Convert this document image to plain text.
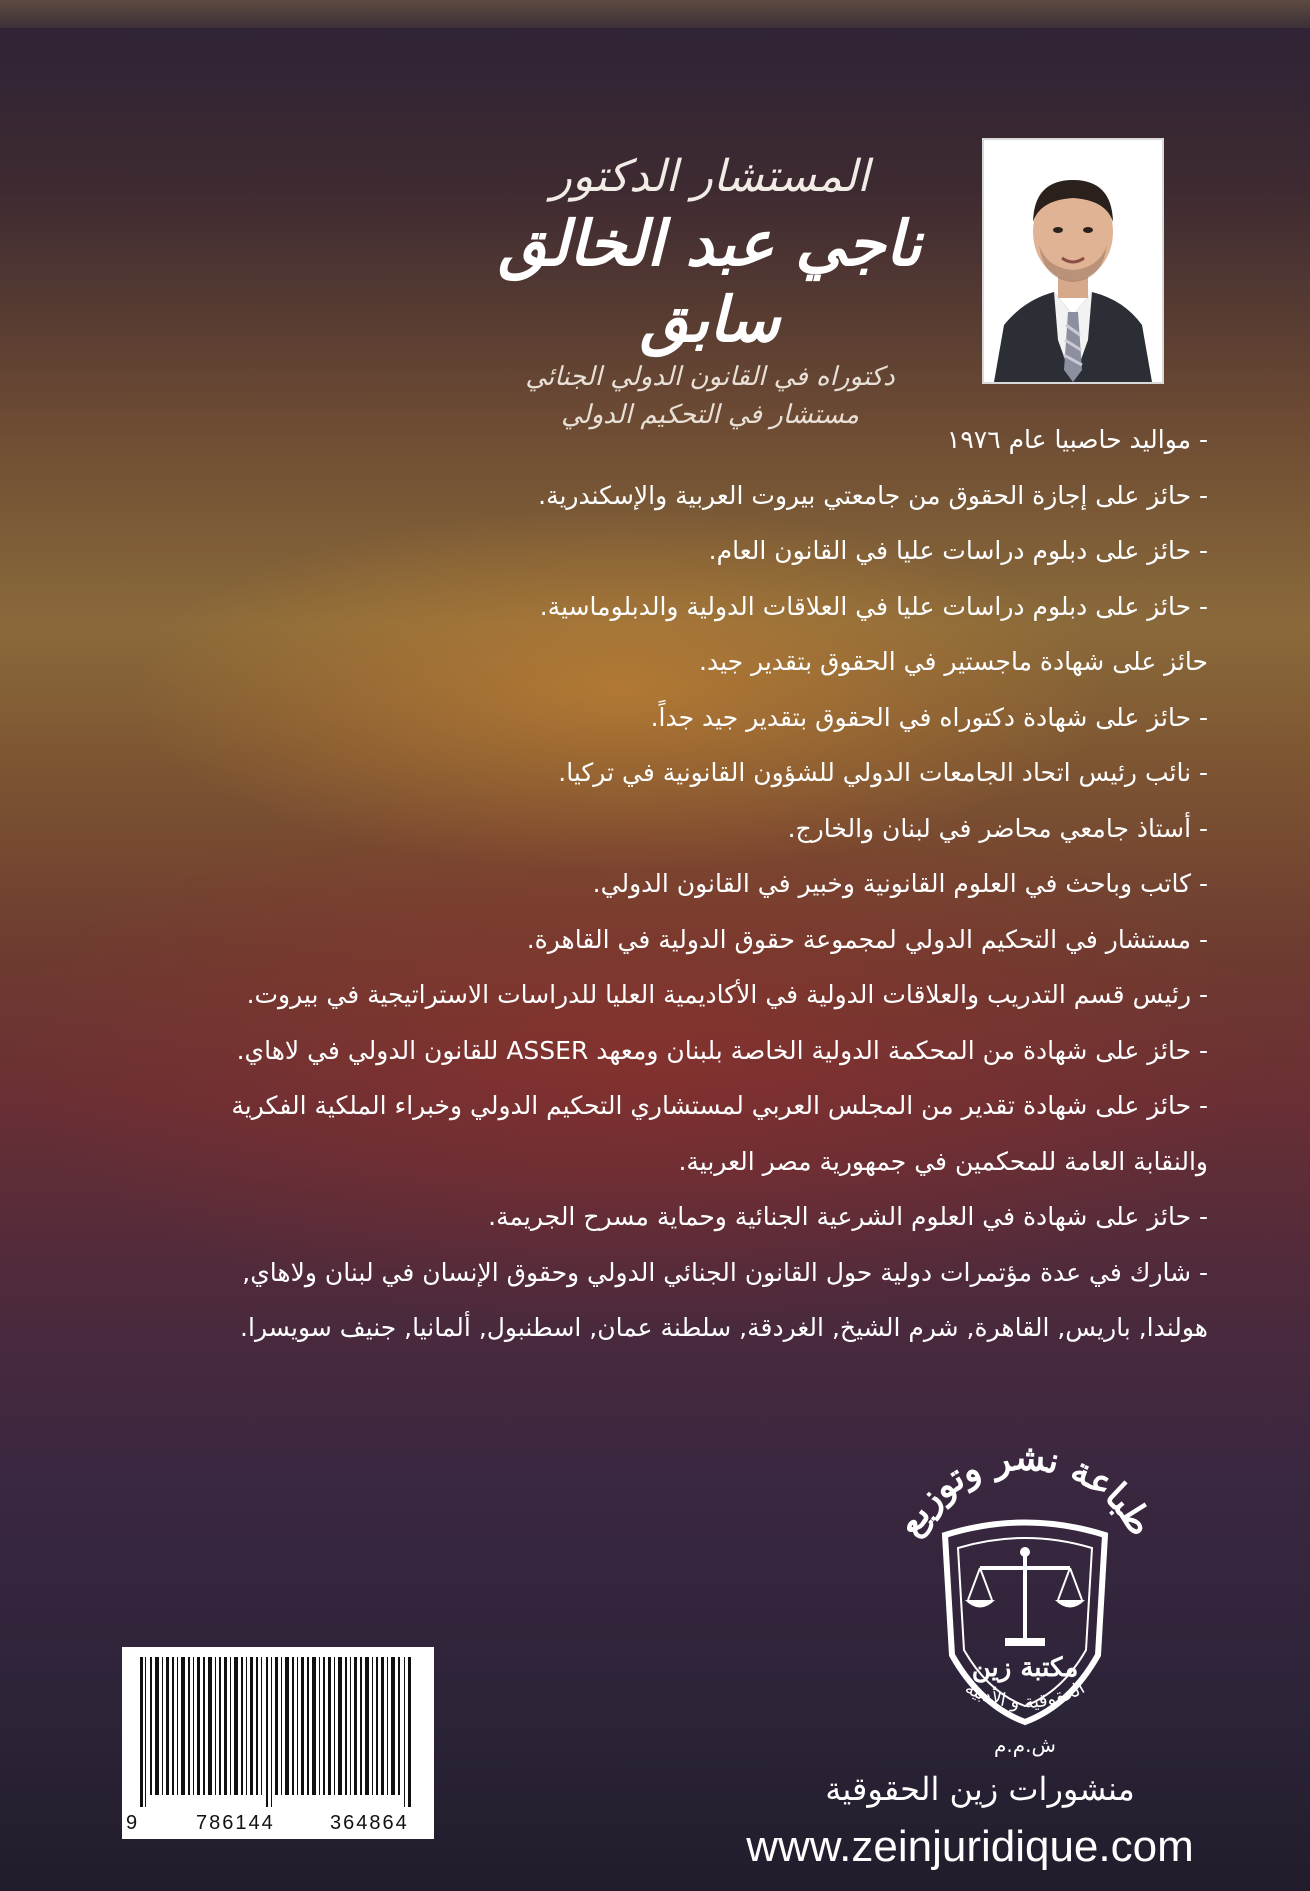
المستشار الدكتور
ناجي عبد الخالق سابق
دكتوراه في القانون الدولي الجنائي
مستشار في التحكيم الدولي
- مواليد حاصبيا عام ١٩٧٦
- حائز على إجازة الحقوق من جامعتي بيروت العربية والإسكندرية.
- حائز على دبلوم دراسات عليا في القانون العام.
- حائز على دبلوم دراسات عليا في العلاقات الدولية والدبلوماسية.
حائز على شهادة ماجستير في الحقوق بتقدير جيد.
- حائز على شهادة دكتوراه في الحقوق بتقدير جيد جداً.
- نائب رئيس اتحاد الجامعات الدولي للشؤون القانونية في تركيا.
- أستاذ جامعي محاضر في لبنان والخارج.
- كاتب وباحث في العلوم القانونية وخبير في القانون الدولي.
- مستشار في التحكيم الدولي لمجموعة حقوق الدولية في القاهرة.
- رئيس قسم التدريب والعلاقات الدولية في الأكاديمية العليا للدراسات الاستراتيجية في بيروت.
- حائز على شهادة من المحكمة الدولية الخاصة بلبنان ومعهد ASSER للقانون الدولي في لاهاي.
- حائز على شهادة تقدير من المجلس العربي لمستشاري التحكيم الدولي وخبراء الملكية الفكرية
والنقابة العامة للمحكمين في جمهورية مصر العربية.
- حائز على شهادة في العلوم الشرعية الجنائية وحماية مسرح الجريمة.
- شارك في عدة مؤتمرات دولية حول القانون الجنائي الدولي وحقوق الإنسان في لبنان ولاهاي,
هولندا, باريس, القاهرة, شرم الشيخ, الغردقة, سلطنة عمان, اسطنبول, ألمانيا, جنيف سويسرا.
طباعة نشر وتوزيع
مكتبة زين
الحقوقية و الأدبية
ش.م.م
منشورات زين الحقوقية
www.zeinjuridique.com
9	786144	364864
